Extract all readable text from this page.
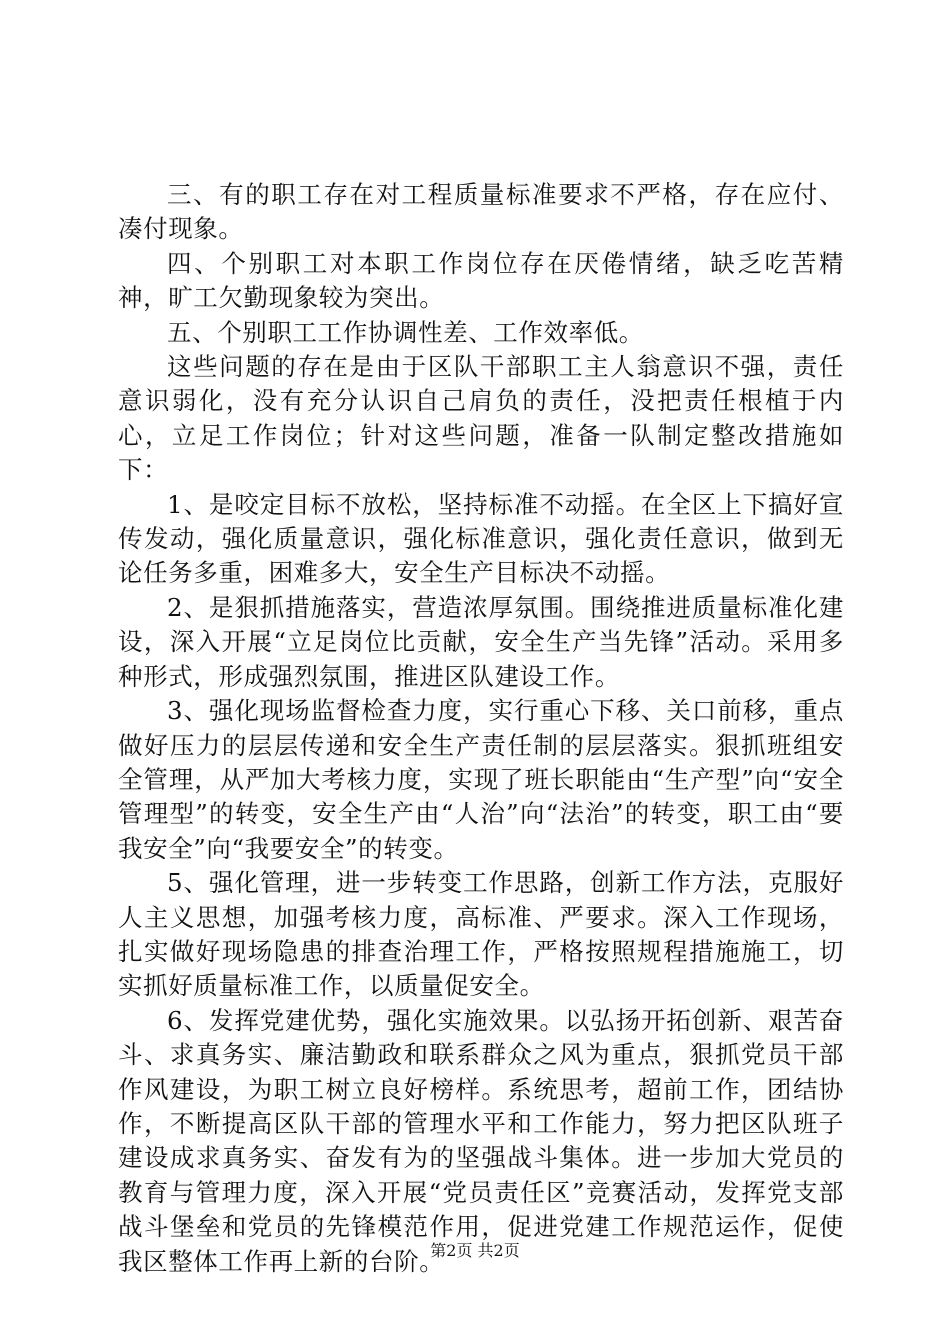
三、有的职工存在对工程质量标准要求不严格，存在应付、凑付现象。

四、个别职工对本职工作岗位存在厌倦情绪，缺乏吃苦精神，旷工欠勤现象较为突出。

五、个别职工工作协调性差、工作效率低。

这些问题的存在是由于区队干部职工主人翁意识不强，责任意识弱化，没有充分认识自己肩负的责任，没把责任根植于内心，立足工作岗位；针对这些问题，准备一队制定整改措施如下：

1、是咬定目标不放松，坚持标准不动摇。在全区上下搞好宣传发动，强化质量意识，强化标准意识，强化责任意识，做到无论任务多重，困难多大，安全生产目标决不动摇。

2、是狠抓措施落实，营造浓厚氛围。围绕推进质量标准化建设，深入开展“立足岗位比贡献，安全生产当先锋”活动。采用多种形式，形成强烈氛围，推进区队建设工作。

3、强化现场监督检查力度，实行重心下移、关口前移，重点做好压力的层层传递和安全生产责任制的层层落实。狠抓班组安全管理，从严加大考核力度，实现了班长职能由“生产型”向“安全管理型”的转变，安全生产由“人治”向“法治”的转变，职工由“要我安全”向“我要安全”的转变。

5、强化管理，进一步转变工作思路，创新工作方法，克服好人主义思想，加强考核力度，高标准、严要求。深入工作现场，扎实做好现场隐患的排查治理工作，严格按照规程措施施工，切实抓好质量标准工作，以质量促安全。

6、发挥党建优势，强化实施效果。以弘扬开拓创新、艰苦奋斗、求真务实、廉洁勤政和联系群众之风为重点，狠抓党员干部作风建设，为职工树立良好榜样。系统思考，超前工作，团结协作，不断提高区队干部的管理水平和工作能力，努力把区队班子建设成求真务实、奋发有为的坚强战斗集体。进一步加大党员的教育与管理力度，深入开展“党员责任区”竞赛活动，发挥党支部战斗堡垒和党员的先锋模范作用，促进党建工作规范运作，促使我区整体工作再上新的台阶。

第2页 共2页
